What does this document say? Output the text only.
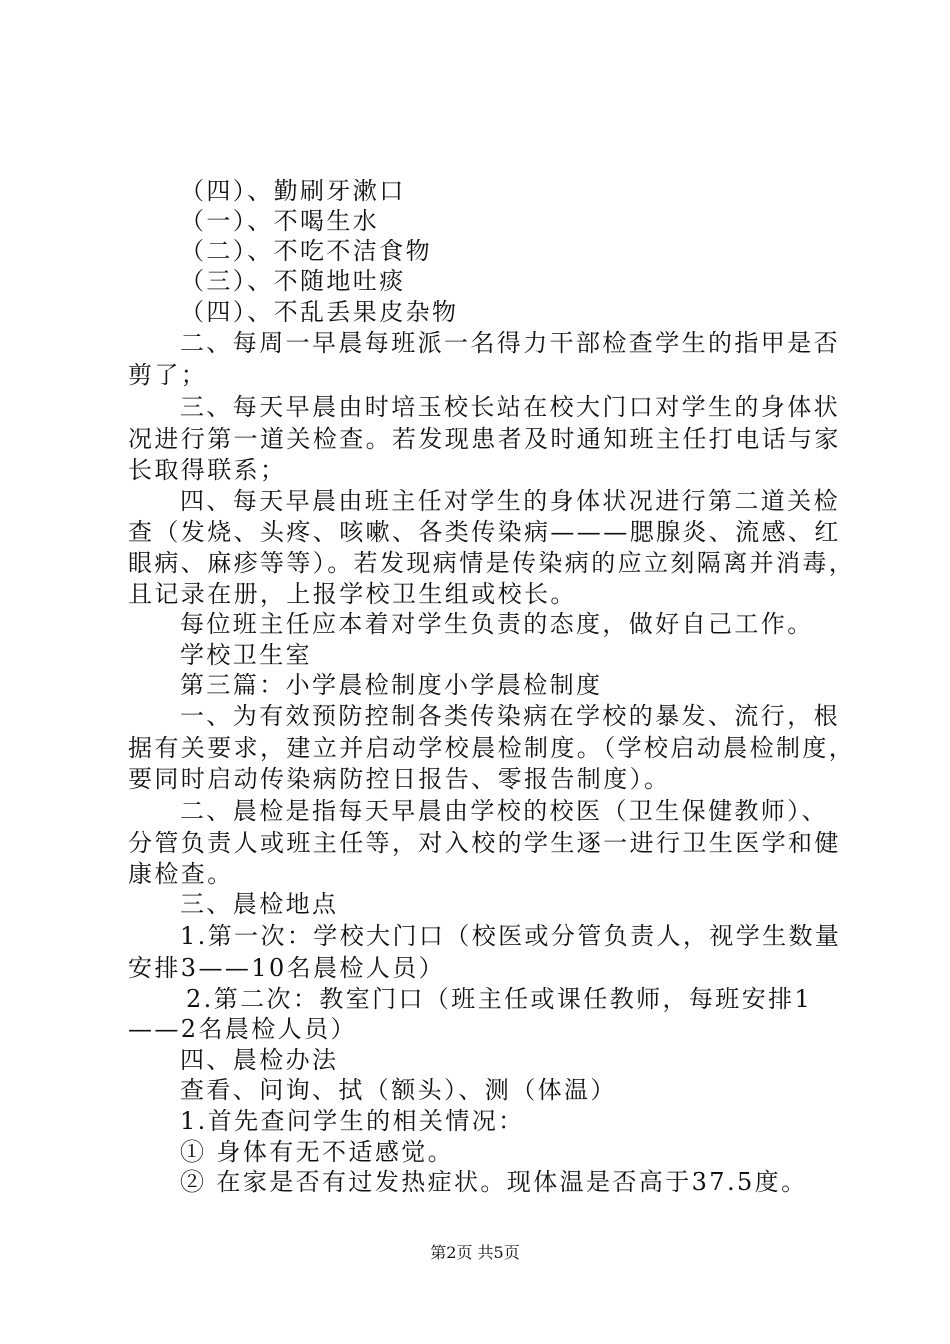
（四）、勤刷牙漱口

（一）、不喝生水

（二）、不吃不洁食物

（三）、不随地吐痰

（四）、不乱丢果皮杂物

二、每周一早晨每班派一名得力干部检查学生的指甲是否

剪了；

三、每天早晨由时培玉校长站在校大门口对学生的身体状

况进行第一道关检查。若发现患者及时通知班主任打电话与家

长取得联系；

四、每天早晨由班主任对学生的身体状况进行第二道关检

查（发烧、头疼、咳嗽、各类传染病———腮腺炎、流感、红

眼病、麻疹等等）。若发现病情是传染病的应立刻隔离并消毒，

且记录在册，上报学校卫生组或校长。

每位班主任应本着对学生负责的态度，做好自己工作。

学校卫生室

第三篇：小学晨检制度小学晨检制度

一、为有效预防控制各类传染病在学校的暴发、流行，根

据有关要求，建立并启动学校晨检制度。（学校启动晨检制度，

要同时启动传染病防控日报告、零报告制度）。

二、晨检是指每天早晨由学校的校医（卫生保健教师）、

分管负责人或班主任等，对入校的学生逐一进行卫生医学和健

康检查。

三、晨检地点

1.第一次：学校大门口（校医或分管负责人，视学生数量

安排3——10名晨检人员）

2.第二次：教室门口（班主任或课任教师，每班安排1

——2名晨检人员）

四、晨检办法

查看、问询、拭（额头）、测（体温）

1.首先查问学生的相关情况：

① 身体有无不适感觉。

② 在家是否有过发热症状。现体温是否高于37.5度。

第2页 共5页
